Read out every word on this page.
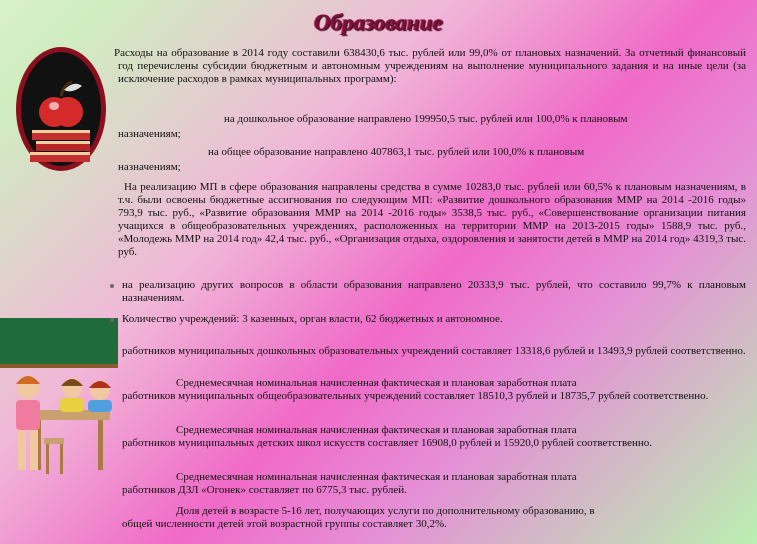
Образование

Расходы на образование в 2014 году составили 638430,6 тыс. рублей или 99,0% от плановых назначений. За отчетный финансовый год перечислены субсидии бюджетным и автономным учреждениям на выполнение муниципального задания и на иные цели (за исключение расходов в рамках муниципальных программ):

на дошкольное образование направлено 199950,5 тыс. рублей или 100,0% к плановым
назначениям;

на общее образование направлено 407863,1 тыс. рублей или 100,0% к плановым
назначениям;

На реализацию МП в сфере образования направлены средства в сумме 10283,0 тыс. рублей или 60,5% к плановым назначениям, в т.ч. были освоены бюджетные ассигнования по следующим МП: «Развитие дошкольного образования ММР на 2014 -2016 годы» 793,9 тыс. руб., «Развитие образования ММР на 2014 -2016 годы» 3538,5 тыс. руб., «Совершенствование организации питания учащихся в общеобразовательных учреждениях, расположенных на территории ММР на 2013-2015 годы» 1588,9 тыс. руб., «Молодежь ММР на 2014 год» 42,4 тыс. руб., «Организация отдыха, оздоровления и занятости детей в ММР на 2014 год» 4319,3 тыс. руб.

на реализацию других вопросов в области образования направлено 20333,9 тыс. рублей, что составило 99,7% к плановым назначениям.

Количество учреждений: 3 казенных, орган власти, 62 бюджетных и автономное.

работников муниципальных дошкольных образовательных учреждений составляет 13318,6 рублей и 13493,9 рублей соответственно.

Среднемесячная номинальная начисленная фактическая и плановая заработная плата
работников муниципальных общеобразовательных учреждений составляет 18510,3 рублей и 18735,7 рублей соответственно.

Среднемесячная номинальная начисленная фактическая и плановая заработная плата
работников муниципальных детских школ искусств составляет 16908,0 рублей и 15920,0 рублей соответственно.

Среднемесячная номинальная начисленная фактическая и плановая заработная плата
работников ДЗЛ «Огонек» составляет по 6775,3 тыс. рублей.

Доля детей в возрасте 5-16 лет, получающих услуги по дополнительному образованию, в
общей численности детей этой возрастной группы составляет 30,2%.
